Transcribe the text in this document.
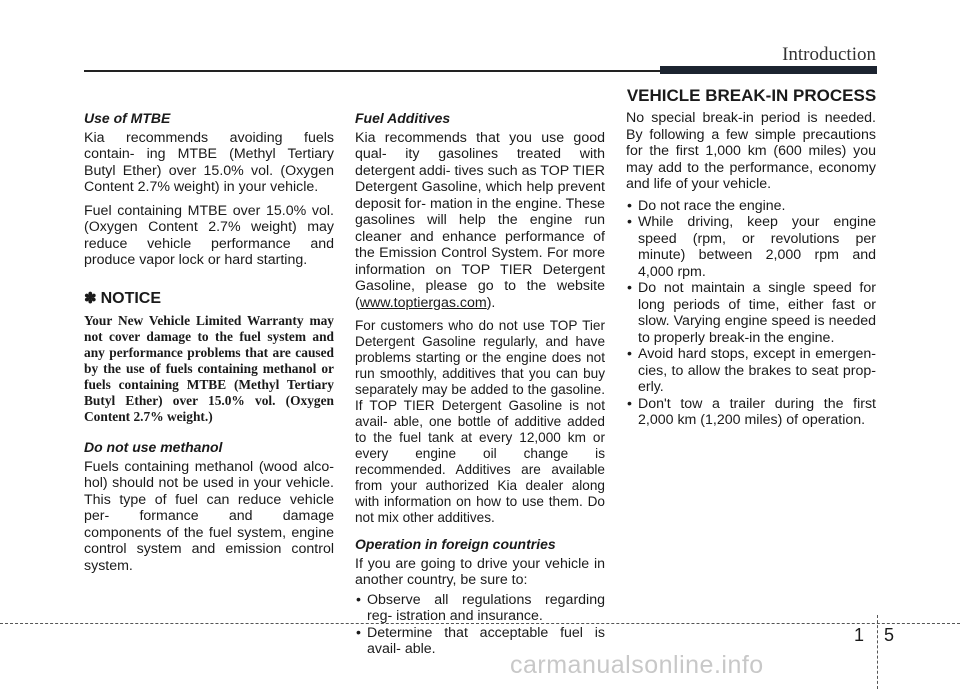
Introduction
VEHICLE BREAK-IN PROCESS
Use of MTBE

Kia recommends avoiding fuels contain- ing MTBE (Methyl Tertiary Butyl Ether) over 15.0% vol. (Oxygen Content 2.7% weight) in your vehicle.

Fuel containing MTBE over 15.0% vol. (Oxygen Content 2.7% weight) may reduce vehicle performance and produce vapor lock or hard starting.

✽ NOTICE
Your New Vehicle Limited Warranty may not cover damage to the fuel system and any performance problems that are caused by the use of fuels containing methanol or fuels containing MTBE (Methyl Tertiary Butyl Ether) over 15.0% vol. (Oxygen Content 2.7% weight.)
Do not use methanol

Fuels containing methanol (wood alco- hol) should not be used in your vehicle. This type of fuel can reduce vehicle per- formance and damage components of the fuel system, engine control system and emission control system.

Fuel Additives

Kia recommends that you use good qual- ity gasolines treated with detergent addi- tives such as TOP TIER Detergent Gasoline, which help prevent deposit for- mation in the engine. These gasolines will help the engine run cleaner and enhance performance of the Emission Control System. For more information on TOP TIER Detergent Gasoline, please go to the website (www.toptiergas.com).

For customers who do not use TOP Tier Detergent Gasoline regularly, and have problems starting or the engine does not run smoothly, additives that you can buy separately may be added to the gasoline. If TOP TIER Detergent Gasoline is not avail- able, one bottle of additive added to the fuel tank at every 12,000 km or every engine oil change is recommended. Additives are available from your authorized Kia dealer along with information on how to use them. Do not mix other additives.

Operation in foreign countries

If you are going to drive your vehicle in another country, be sure to:

• Observe all regulations regarding reg- istration and insurance.
• Determine that acceptable fuel is avail- able.

No special break-in period is needed. By following a few simple precautions for the first 1,000 km (600 miles) you may add to the performance, economy and life of your vehicle.

• Do not race the engine.
• While driving, keep your engine speed (rpm, or revolutions per minute) between 2,000 rpm and 4,000 rpm.
• Do not maintain a single speed for long periods of time, either fast or slow. Varying engine speed is needed to properly break-in the engine.
• Avoid hard stops, except in emergen- cies, to allow the brakes to seat prop- erly.
• Don't tow a trailer during the first 2,000 km (1,200 miles) of operation.
1 5
carmanualsonline.info
